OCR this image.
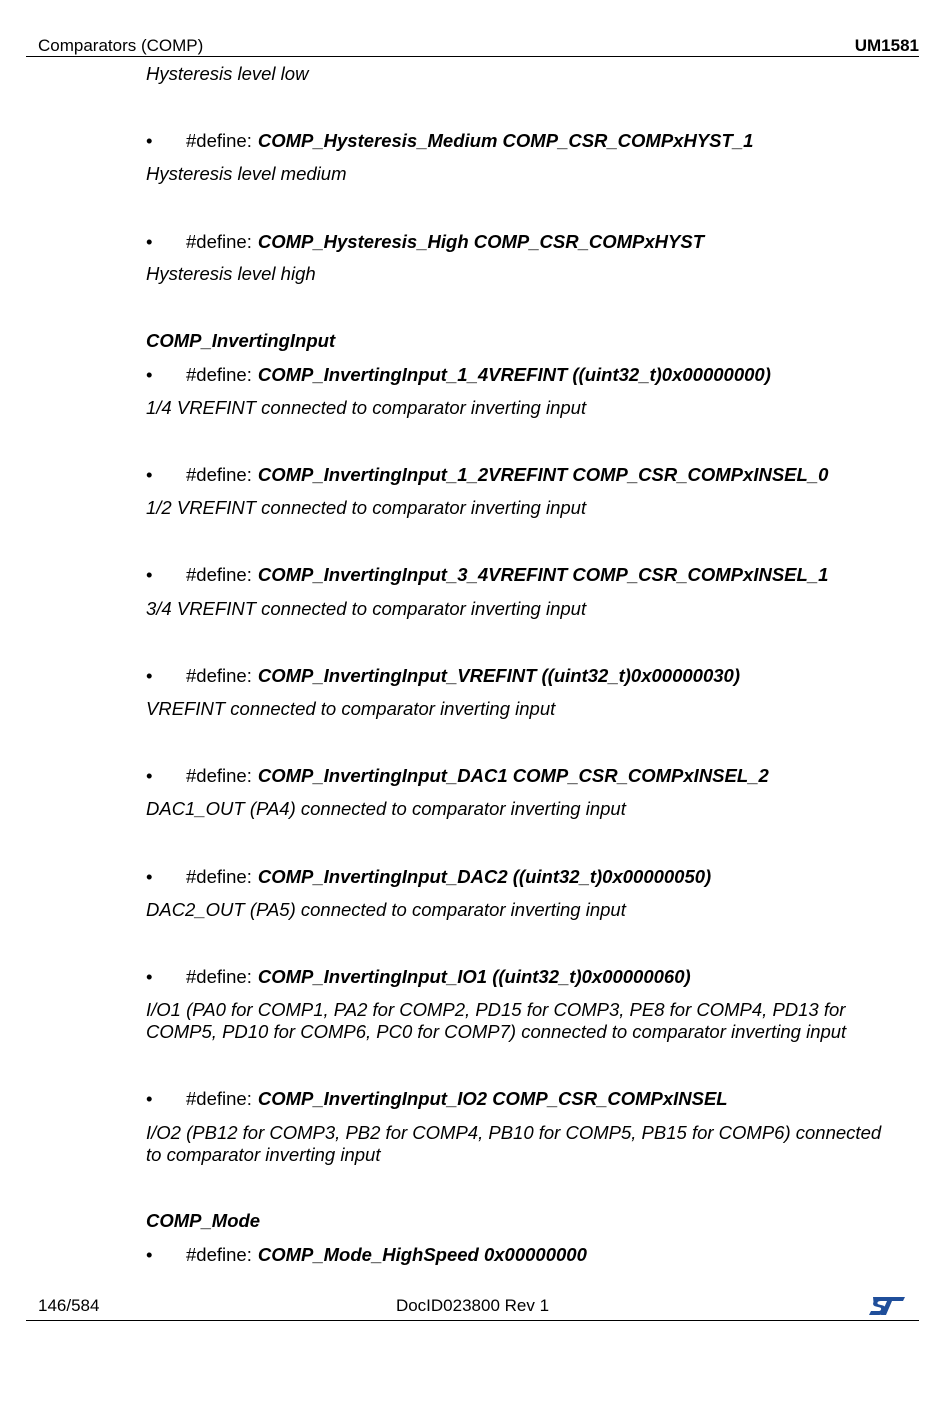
Comparators (COMP)	UM1581
Hysteresis level low
• #define: COMP_Hysteresis_Medium COMP_CSR_COMPxHYST_1
Hysteresis level medium
• #define: COMP_Hysteresis_High COMP_CSR_COMPxHYST
Hysteresis level high
COMP_InvertingInput
• #define: COMP_InvertingInput_1_4VREFINT ((uint32_t)0x00000000)
1/4 VREFINT connected to comparator inverting input
• #define: COMP_InvertingInput_1_2VREFINT COMP_CSR_COMPxINSEL_0
1/2 VREFINT connected to comparator inverting input
• #define: COMP_InvertingInput_3_4VREFINT COMP_CSR_COMPxINSEL_1
3/4 VREFINT connected to comparator inverting input
• #define: COMP_InvertingInput_VREFINT ((uint32_t)0x00000030)
VREFINT connected to comparator inverting input
• #define: COMP_InvertingInput_DAC1 COMP_CSR_COMPxINSEL_2
DAC1_OUT (PA4) connected to comparator inverting input
• #define: COMP_InvertingInput_DAC2 ((uint32_t)0x00000050)
DAC2_OUT (PA5) connected to comparator inverting input
• #define: COMP_InvertingInput_IO1 ((uint32_t)0x00000060)
I/O1 (PA0 for COMP1, PA2 for COMP2, PD15 for COMP3, PE8 for COMP4, PD13 for
COMP5, PD10 for COMP6, PC0 for COMP7) connected to comparator inverting input
• #define: COMP_InvertingInput_IO2 COMP_CSR_COMPxINSEL
I/O2 (PB12 for COMP3, PB2 for COMP4, PB10 for COMP5, PB15 for COMP6) connected
to comparator inverting input
COMP_Mode
• #define: COMP_Mode_HighSpeed 0x00000000
146/584	DocID023800 Rev 1
